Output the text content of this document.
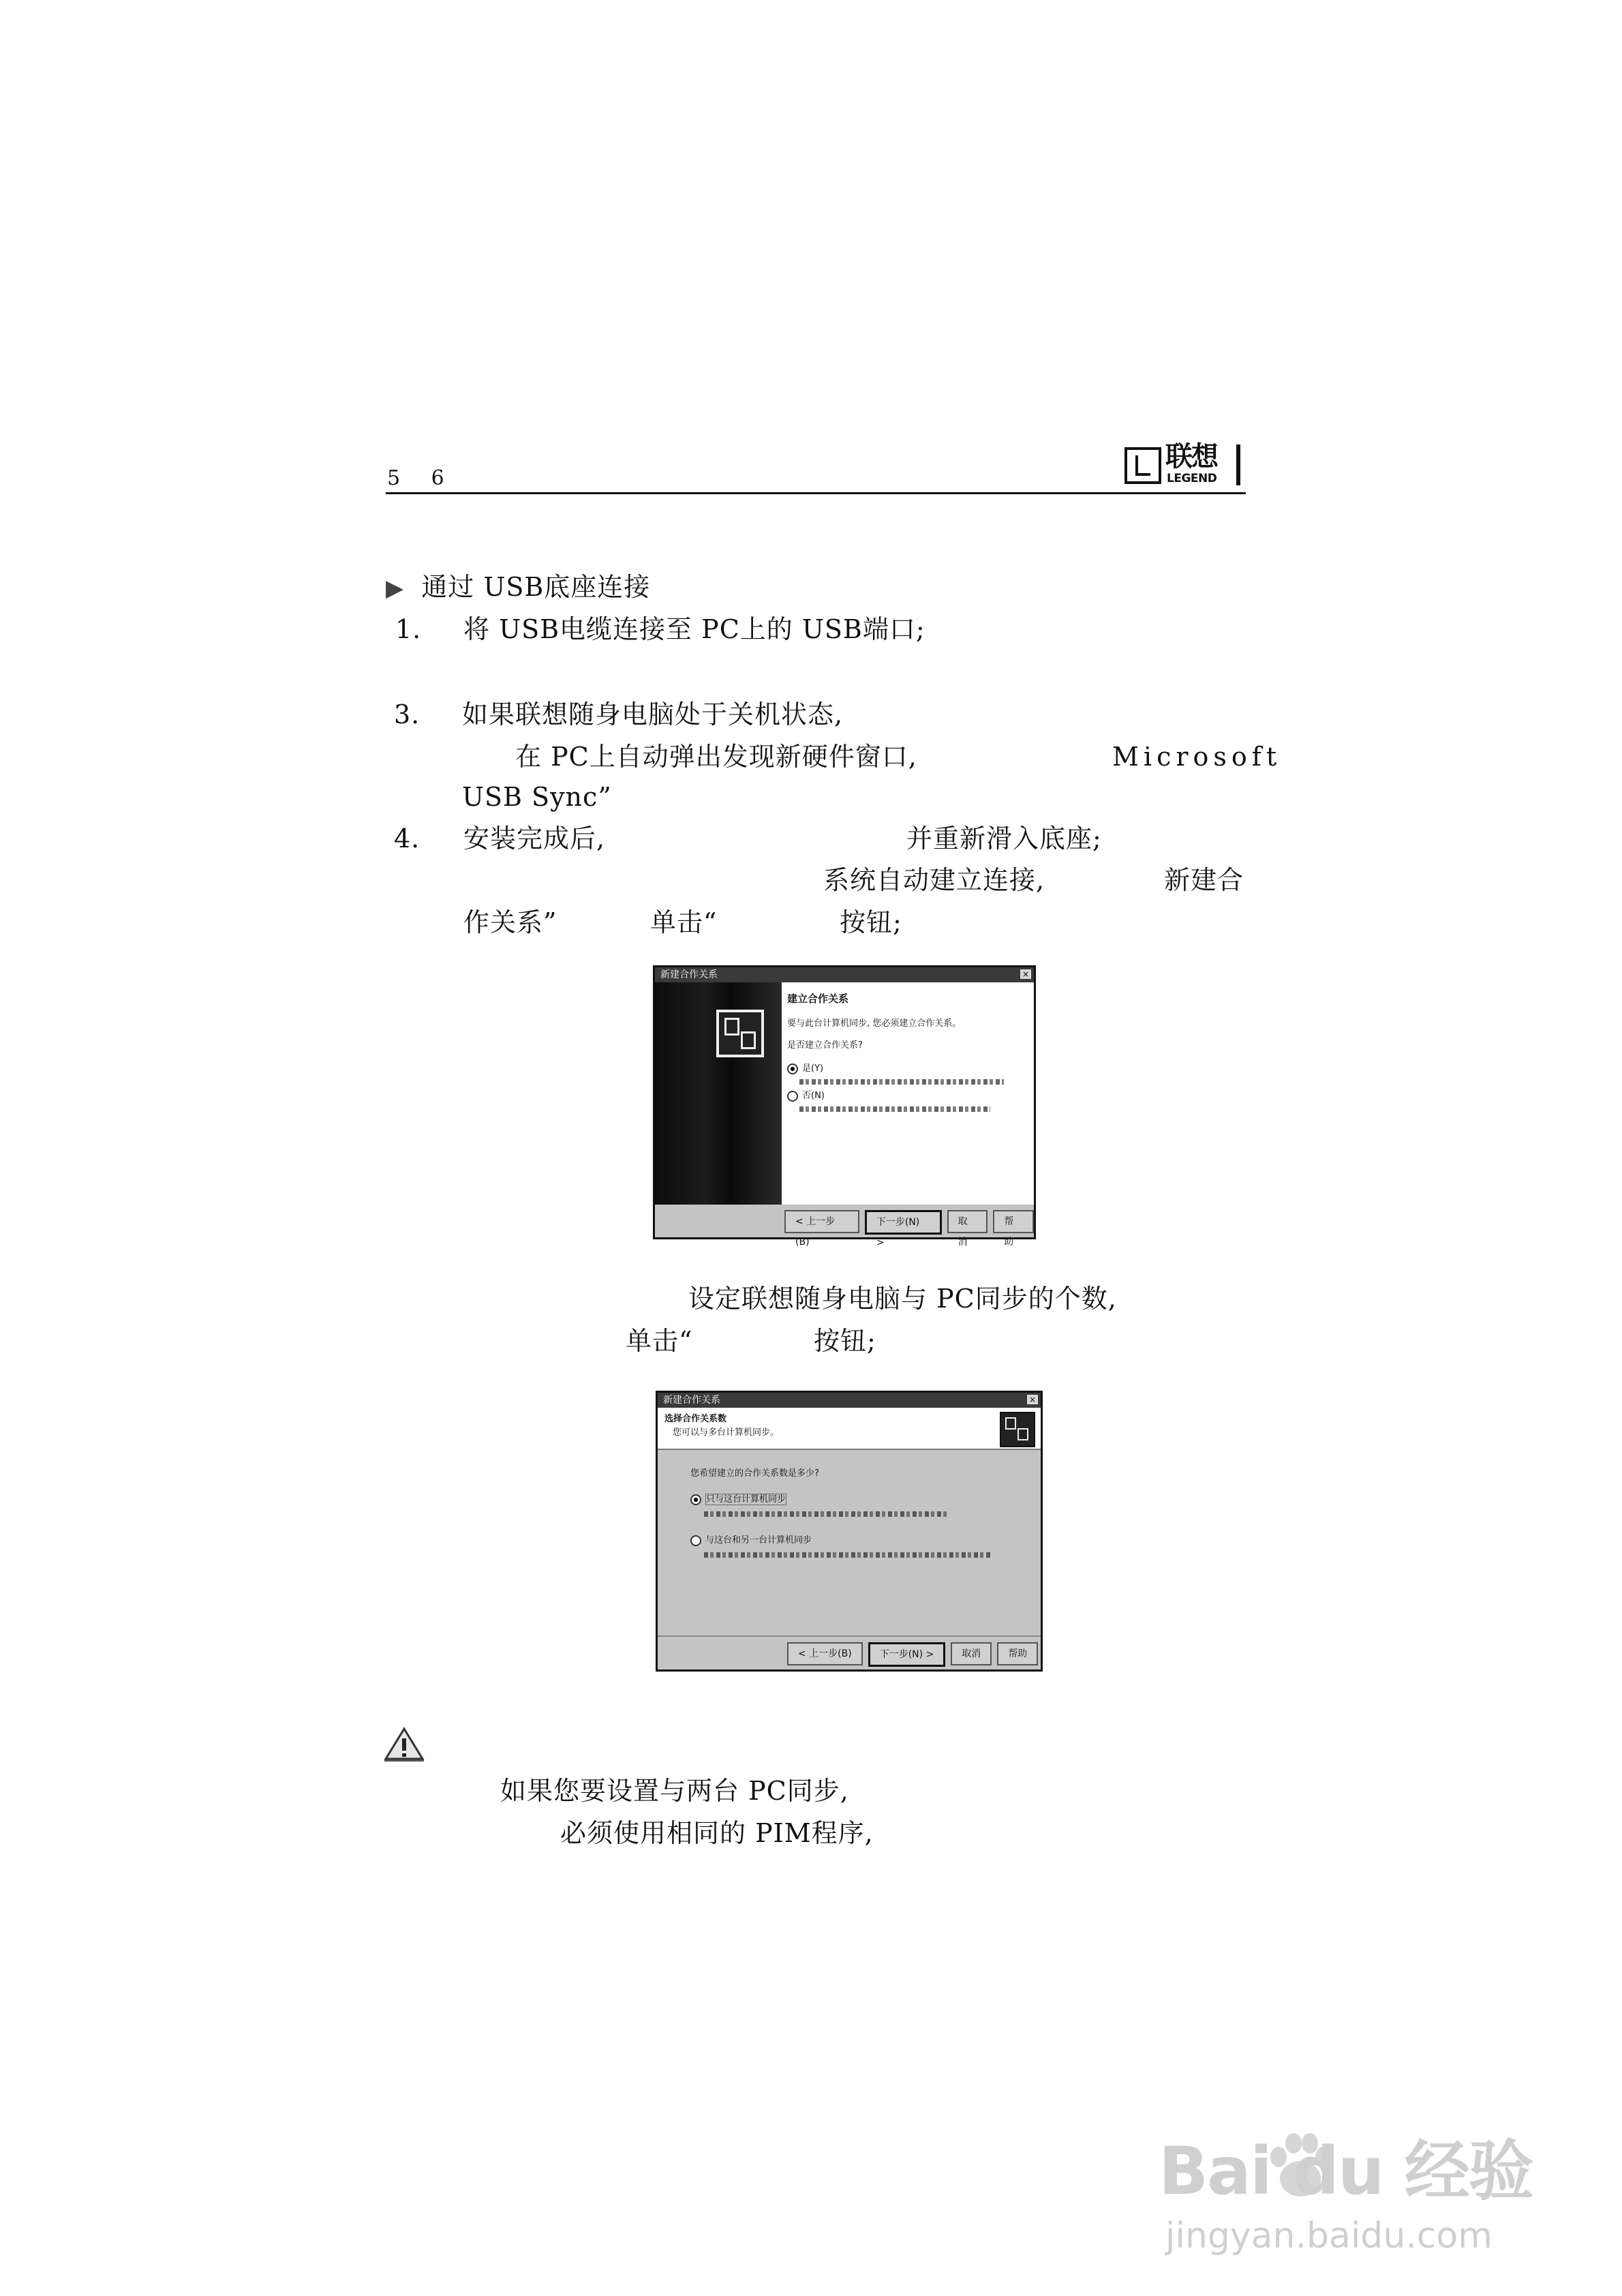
5 6
联想
LEGEND
▶ 通过 USB底座连接
1. 将 USB电缆连接至 PC上的 USB端口;
3. 如果联想随身电脑处于关机状态,
在 PC上自动弹出发现新硬件窗口,	Microsoft
USB Sync”
4. 安装完成后,	并重新滑入底座;
系统自动建立连接,	新建合
作关系”	单击“	按钮;
新建合作关系	×
建立合作关系
要与此台计算机同步, 您必须建立合作关系。
是否建立合作关系?
是(Y)
否(N)
< 上一步(B)
下一步(N) >
取消
帮助
设定联想随身电脑与 PC同步的个数,
单击“	按钮;
新建合作关系	×
选择合作关系数
您可以与多台计算机同步。
您希望建立的合作关系数是多少?
只与这台计算机同步
与这台和另一台计算机同步
< 上一步(B)	下一步(N) >	取消	帮助
如果您要设置与两台 PC同步,
必须使用相同的 PIM程序,
Bai du 经验
jingyan.baidu.com
